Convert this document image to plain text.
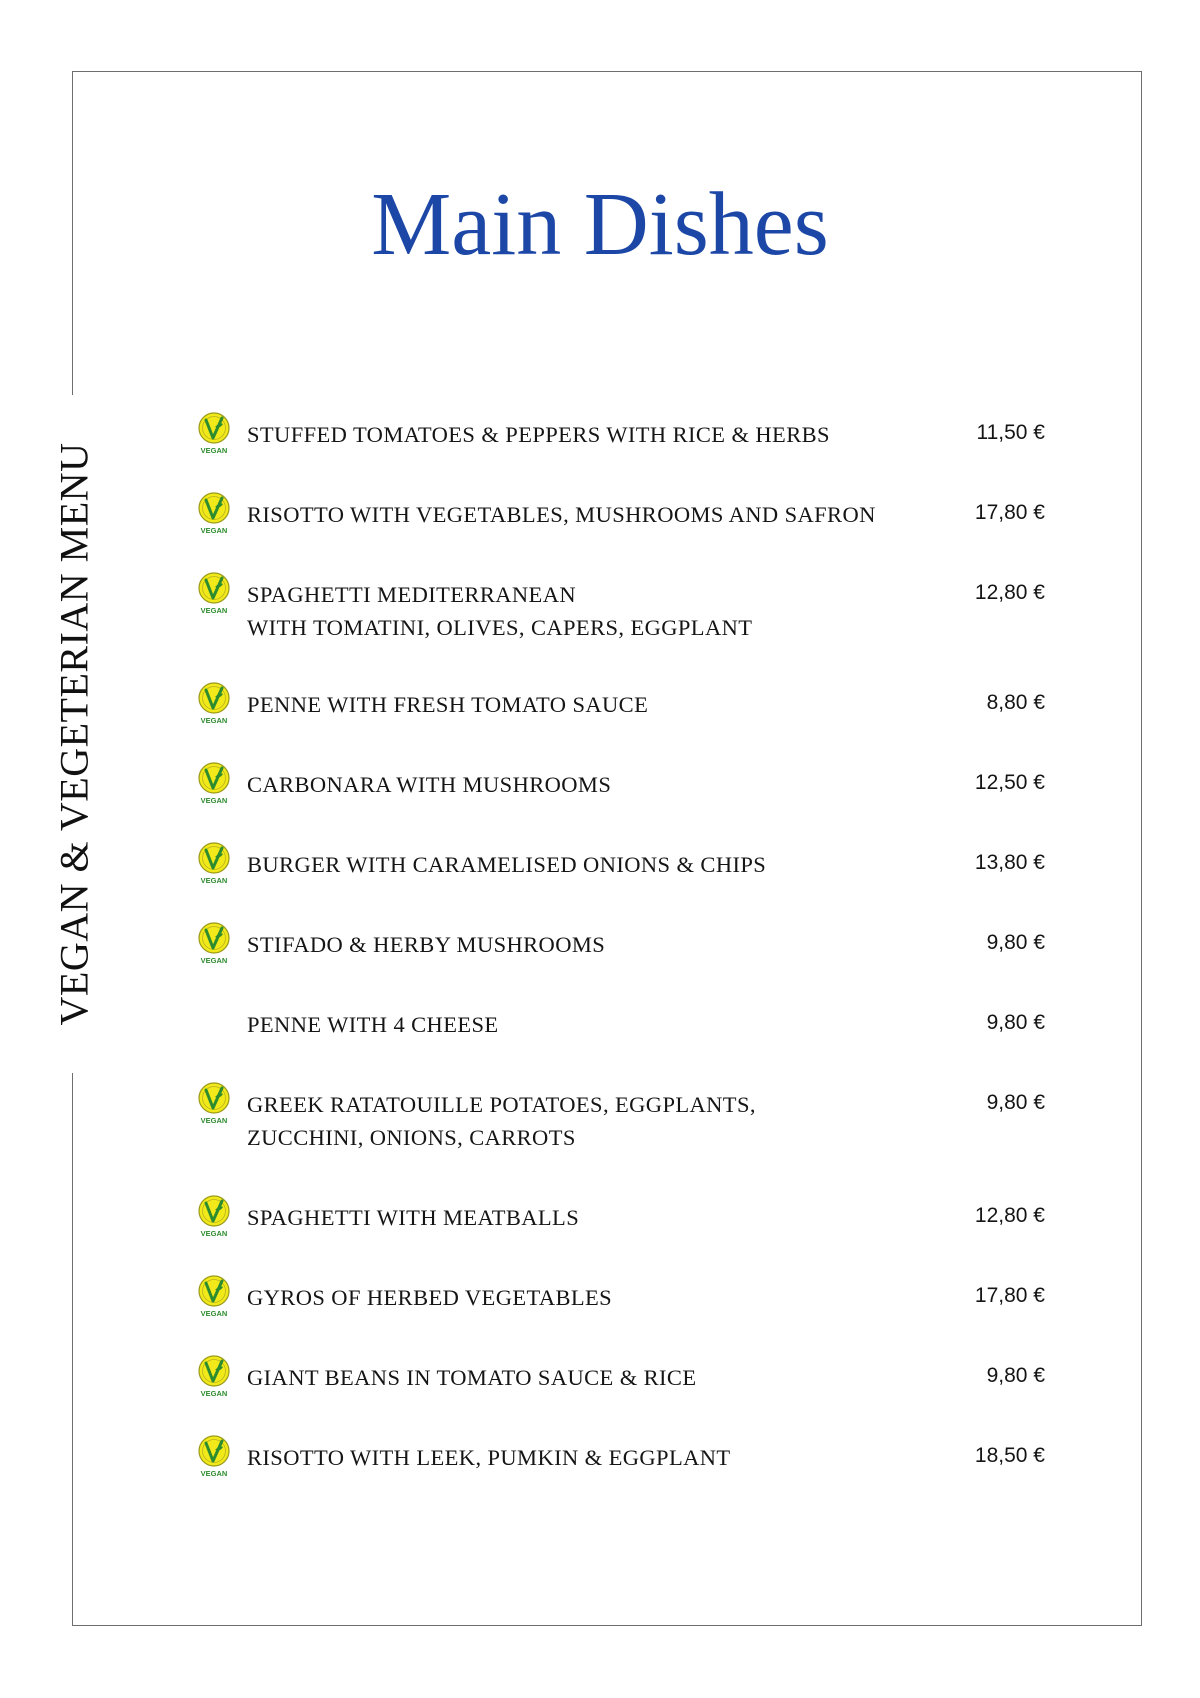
VEGAN & VEGETERIAN MENU
Main Dishes
VEGAN
STUFFED TOMATOES & PEPPERS WITH RICE & HERBS	11,50 €
VEGAN
RISOTTO WITH VEGETABLES, MUSHROOMS AND SAFRON	17,80 €
VEGAN
SPAGHETTI MEDITERRANEAN
WITH TOMATINI, OLIVES, CAPERS, EGGPLANT
12,80 €
VEGAN
PENNE WITH FRESH TOMATO SAUCE	8,80 €
VEGAN
CARBONARA WITH MUSHROOMS	12,50 €
VEGAN
BURGER WITH CARAMELISED ONIONS & CHIPS	13,80 €
VEGAN
STIFADO & HERBY MUSHROOMS	9,80 €
PENNE WITH 4 CHEESE	9,80 €
VEGAN
GREEK RATATOUILLE POTATOES, EGGPLANTS,
ZUCCHINI, ONIONS, CARROTS
9,80 €
VEGAN
SPAGHETTI WITH MEATBALLS	12,80 €
VEGAN
GYROS OF HERBED VEGETABLES	17,80 €
VEGAN
GIANT BEANS IN TOMATO SAUCE & RICE	9,80 €
VEGAN
RISOTTO WITH LEEK, PUMKIN & EGGPLANT	18,50 €
